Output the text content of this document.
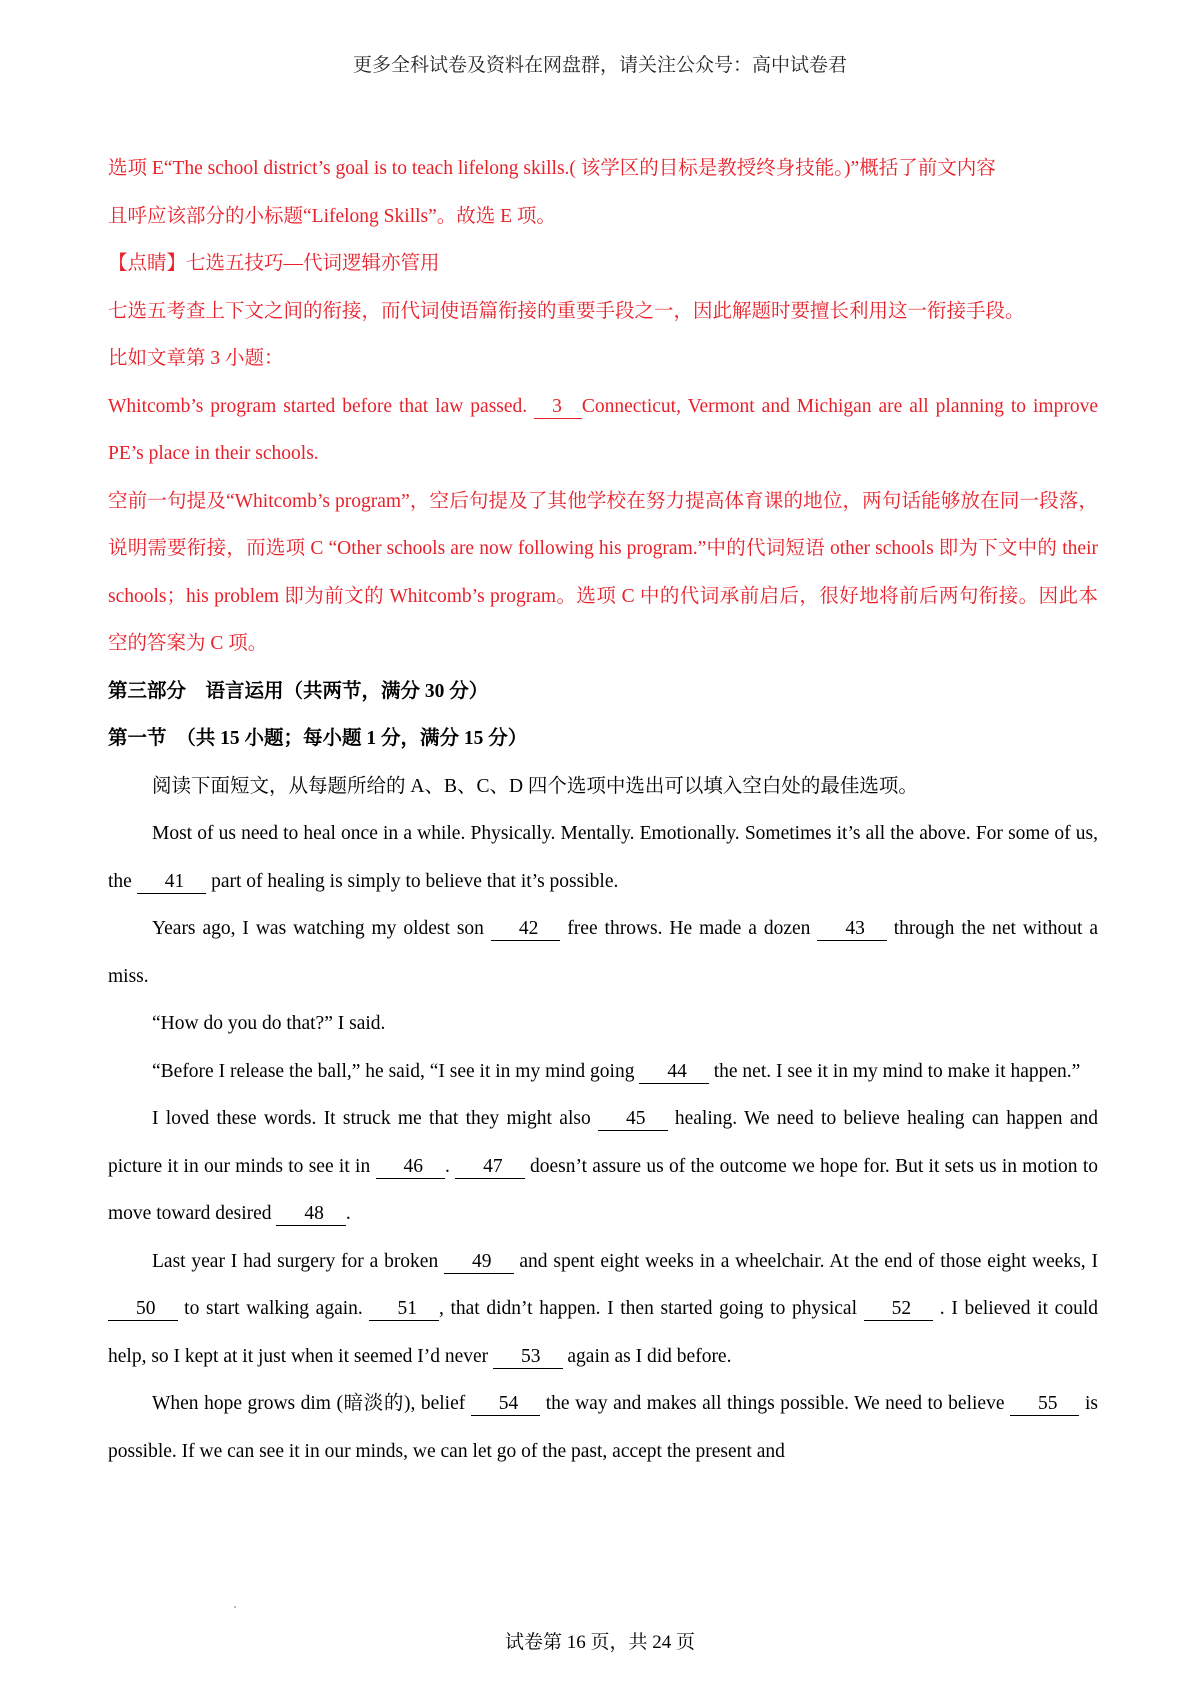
更多全科试卷及资料在网盘群，请关注公众号：高中试卷君

选项 E“The school district’s goal is to teach lifelong skills.( 该学区的目标是教授终身技能。)”概括了前文内容
且呼应该部分的小标题“Lifelong Skills”。故选 E 项。

【点睛】七选五技巧—代词逻辑亦管用

七选五考查上下文之间的衔接，而代词使语篇衔接的重要手段之一，因此解题时要擅长利用这一衔接手段。

比如文章第 3 小题：

Whitcomb’s program started before that law passed. 3 Connecticut, Vermont and Michigan are all planning to improve PE’s place in their schools.

空前一句提及“Whitcomb’s program”，空后句提及了其他学校在努力提高体育课的地位，两句话能够放在同一段落，说明需要衔接，而选项 C “Other schools are now following his program.”中的代词短语 other schools 即为下文中的 their schools；his problem 即为前文的 Whitcomb’s program。选项 C 中的代词承前启后，很好地将前后两句衔接。因此本空的答案为 C 项。

第三部分　语言运用（共两节，满分 30 分）

第一节　（共 15 小题；每小题 1 分，满分 15 分）

阅读下面短文，从每题所给的 A、B、C、D 四个选项中选出可以填入空白处的最佳选项。

Most of us need to heal once in a while. Physically. Mentally. Emotionally. Sometimes it’s all the above. For some of us, the 41 part of healing is simply to believe that it’s possible.

Years ago, I was watching my oldest son 42 free throws. He made a dozen 43 through the net without a miss.

“How do you do that?” I said.

“Before I release the ball,” he said, “I see it in my mind going 44 the net. I see it in my mind to make it happen.”

I loved these words. It struck me that they might also 45 healing. We need to believe healing can happen and picture it in our minds to see it in 46 . 47 doesn’t assure us of the outcome we hope for. But it sets us in motion to move toward desired 48 .

Last year I had surgery for a broken 49 and spent eight weeks in a wheelchair. At the end of those eight weeks, I 50 to start walking again. 51 , that didn’t happen. I then started going to physical 52 . I believed it could help, so I kept at it just when it seemed I’d never 53 again as I did before.

When hope grows dim (暗淡的), belief 54 the way and makes all things possible. We need to believe 55 is possible. If we can see it in our minds, we can let go of the past, accept the present and

试卷第 16 页，共 24 页
